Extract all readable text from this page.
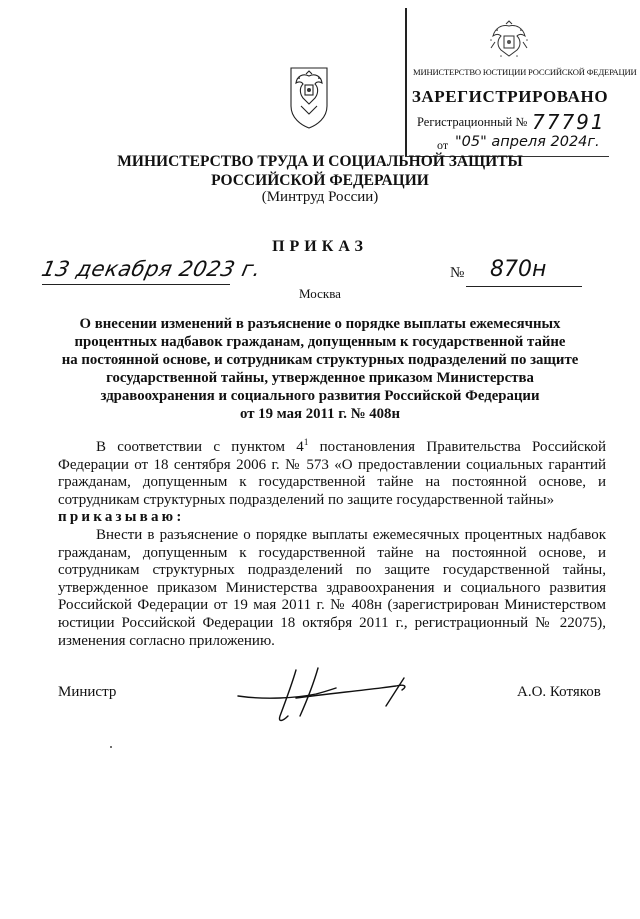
МИНИСТЕРСТВО ЮСТИЦИИ РОССИЙСКОЙ ФЕДЕРАЦИИ
ЗАРЕГИСТРИРОВАНО
Регистрационный № 77791
от "05" апреля 2024г.
МИНИСТЕРСТВО ТРУДА И СОЦИАЛЬНОЙ ЗАЩИТЫ
РОССИЙСКОЙ ФЕДЕРАЦИИ
(Минтруд России)
ПРИКАЗ
13 декабря 2023 г.	№ 870н
Москва
О внесении изменений в разъяснение о порядке выплаты ежемесячных
процентных надбавок гражданам, допущенным к государственной тайне
на постоянной основе, и сотрудникам структурных подразделений по защите
государственной тайны, утвержденное приказом Министерства
здравоохранения и социального развития Российской Федерации
от 19 мая 2011 г. № 408н

В соответствии с пунктом $4^1$ постановления Правительства Российской Федерации от 18 сентября 2006 г. № 573 «О предоставлении социальных гарантий гражданам, допущенным к государственной тайне на постоянной основе, и сотрудникам структурных подразделений по защите государственной тайны»

приказываю:

Внести в разъяснение о порядке выплаты ежемесячных процентных надбавок гражданам, допущенным к государственной тайне на постоянной основе, и сотрудникам структурных подразделений по защите государственной тайны, утвержденное приказом Министерства здравоохранения и социального развития Российской Федерации от 19 мая 2011 г. № 408н (зарегистрирован Министерством юстиции Российской Федерации 18 октября 2011 г., регистрационный № 22075), изменения согласно приложению.

Министр	А.О. Котяков
